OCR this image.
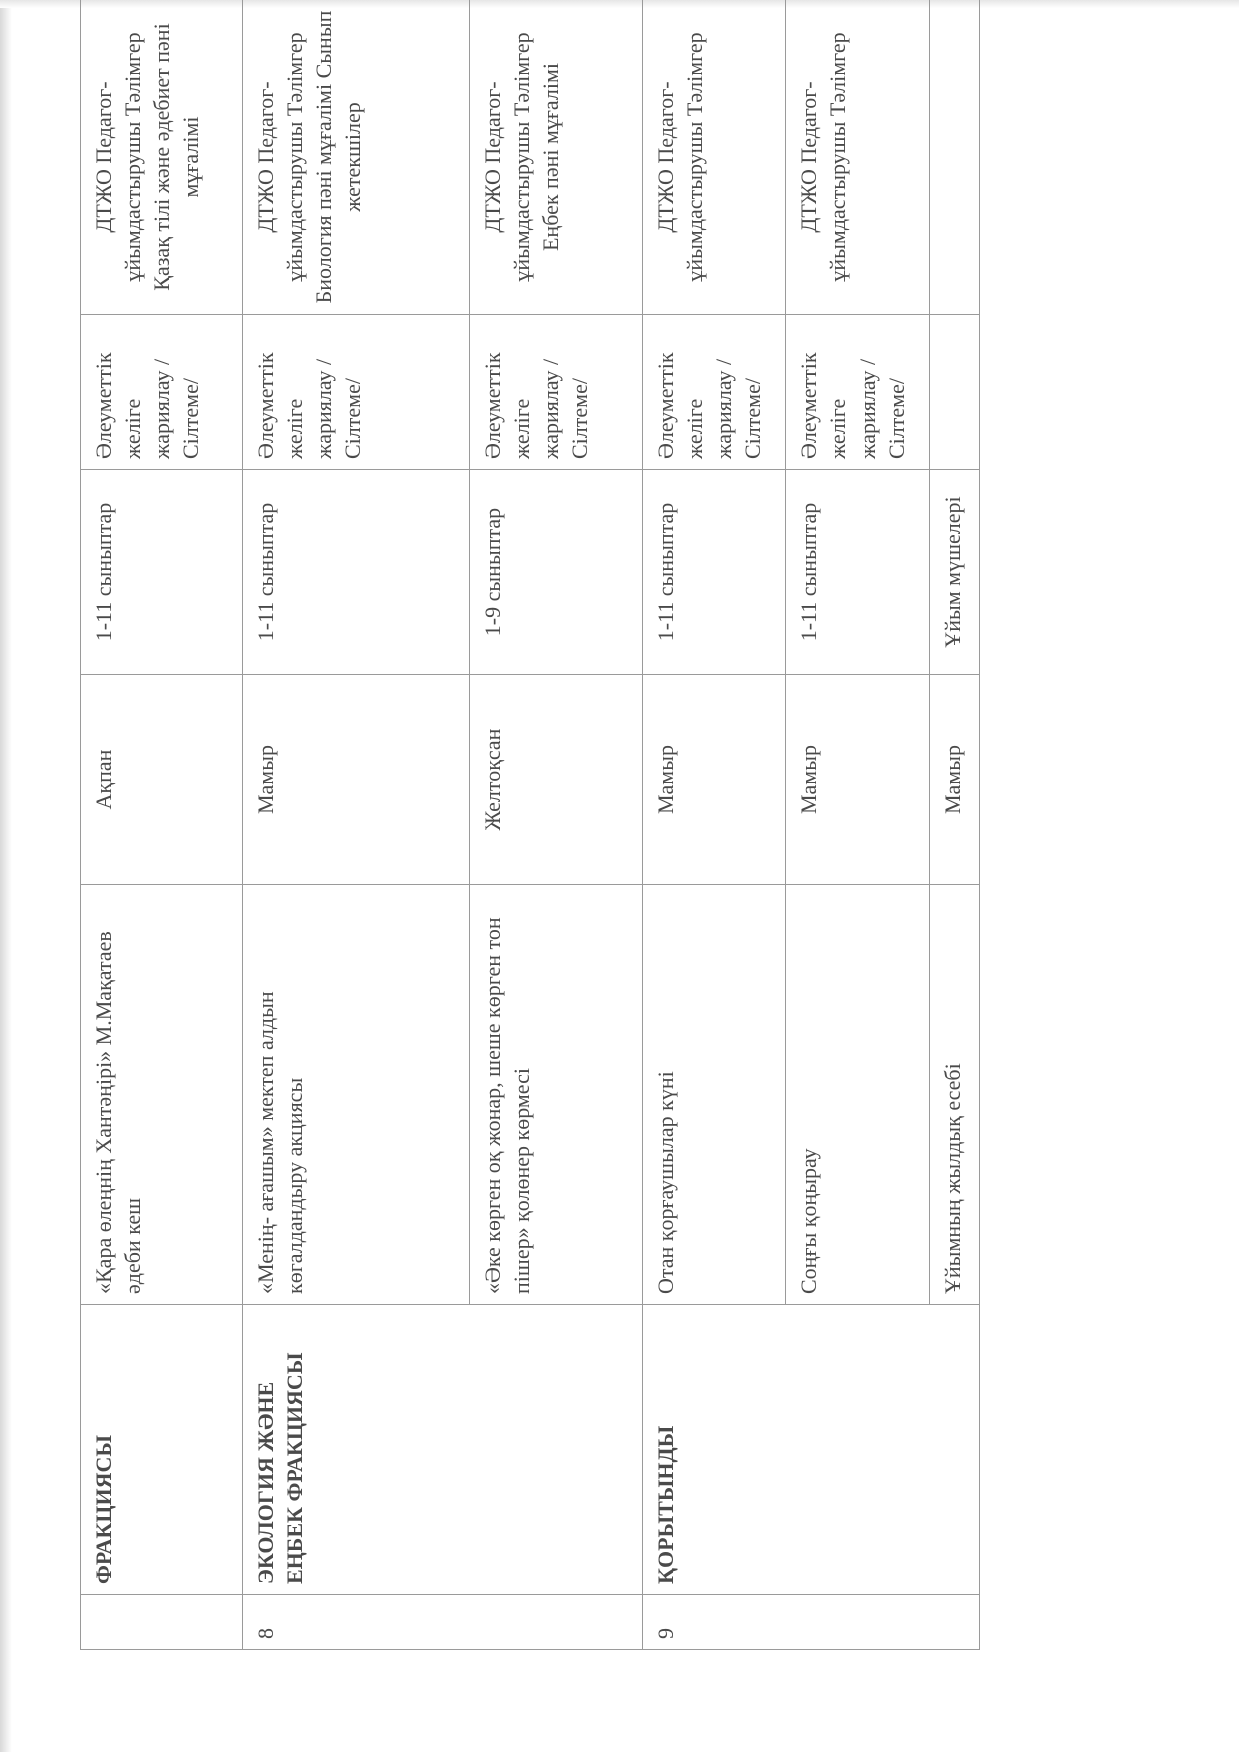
	ФРАКЦИЯСЫ	«Қара өлеңнің Хантәңірі» М.Мақатаев әдеби кеш	Ақпан	1-11 сыныптар	Әлеуметтік желіге жариялау /Сілтеме/	ДТЖО Педагог-ұйымдастырушы Тәлімгер Қазақ тілі және әдебиет пәні мұғалімі
8	ЭКОЛОГИЯ ЖӘНЕ ЕҢБЕК ФРАКЦИЯСЫ	«Менің- ағашым» мектеп алдын көгалдандыру акциясы	Мамыр	1-11 сыныптар	Әлеуметтік желіге жариялау /Сілтеме/	ДТЖО Педагог-ұйымдастырушы Тәлімгер Биология пәні мұғалімі Сынып жетекшілер
		«Әке көрген оқ жонар, шеше көрген тон пішер» қолөнер көрмесі	Желтоқсан	1-9 сыныптар	Әлеуметтік желіге жариялау /Сілтеме/	ДТЖО Педагог-ұйымдастырушы Тәлімгер Еңбек пәні мұғалімі
9	ҚОРЫТЫНДЫ	Отан қорғаушылар күні	Мамыр	1-11 сыныптар	Әлеуметтік желіге жариялау /Сілтеме/	ДТЖО Педагог-ұйымдастырушы Тәлімгер
		Соңғы қоңырау	Мамыр	1-11 сыныптар	Әлеуметтік желіге жариялау /Сілтеме/	ДТЖО Педагог-ұйымдастырушы Тәлімгер
		Ұйымның жылдық есебі	Мамыр	Ұйым мүшелері		
